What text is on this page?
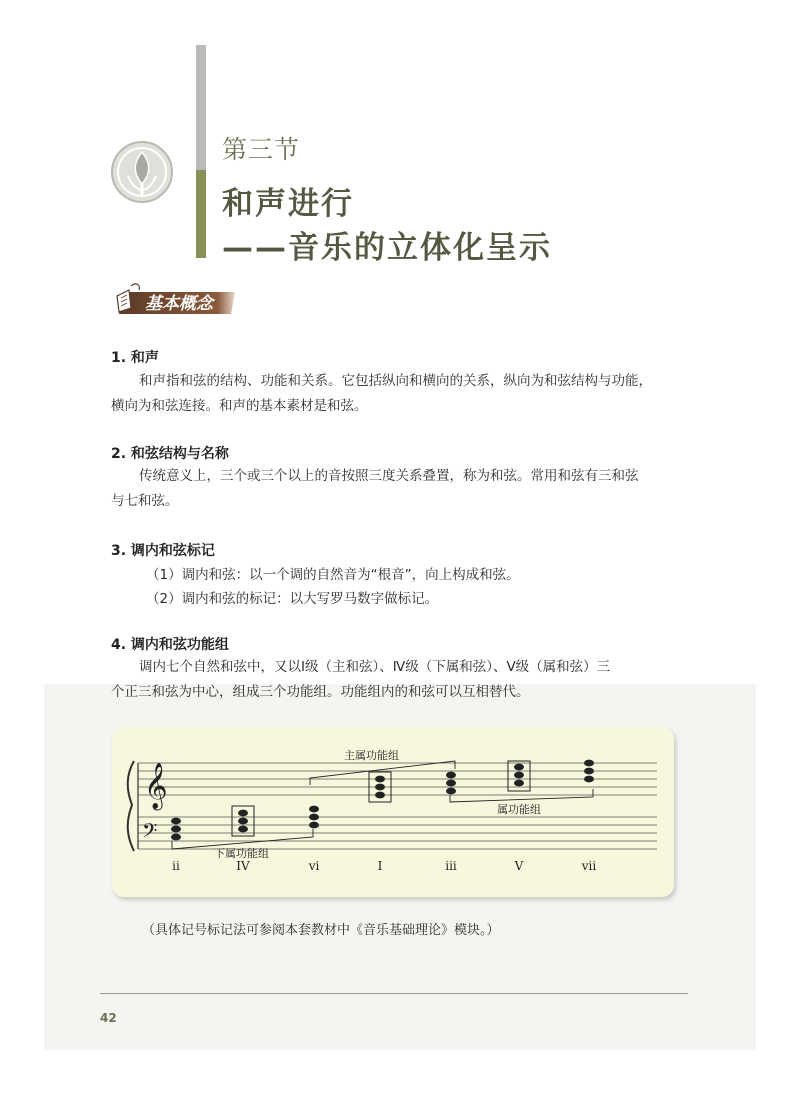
第三节
和声进行
——音乐的立体化呈示
基本概念
1. 和声

和声指和弦的结构、功能和关系。它包括纵向和横向的关系，纵向为和弦结构与功能，

横向为和弦连接。和声的基本素材是和弦。

2. 和弦结构与名称

传统意义上，三个或三个以上的音按照三度关系叠置，称为和弦。常用和弦有三和弦

与七和弦。

3. 调内和弦标记
（1）调内和弦：以一个调的自然音为“根音”，向上构成和弦。
（2）调内和弦的标记：以大写罗马数字做标记。
4. 调内和弦功能组

调内七个自然和弦中，又以Ⅰ级（主和弦）、Ⅳ级（下属和弦）、Ⅴ级（属和弦）三

个正三和弦为中心，组成三个功能组。功能组内的和弦可以互相替代。

𝄞
𝄢
主属功能组
属功能组
下属功能组
ii	IV	vi	I	iii	V	vii
（具体记号标记法可参阅本套教材中《音乐基础理论》模块。）
42
